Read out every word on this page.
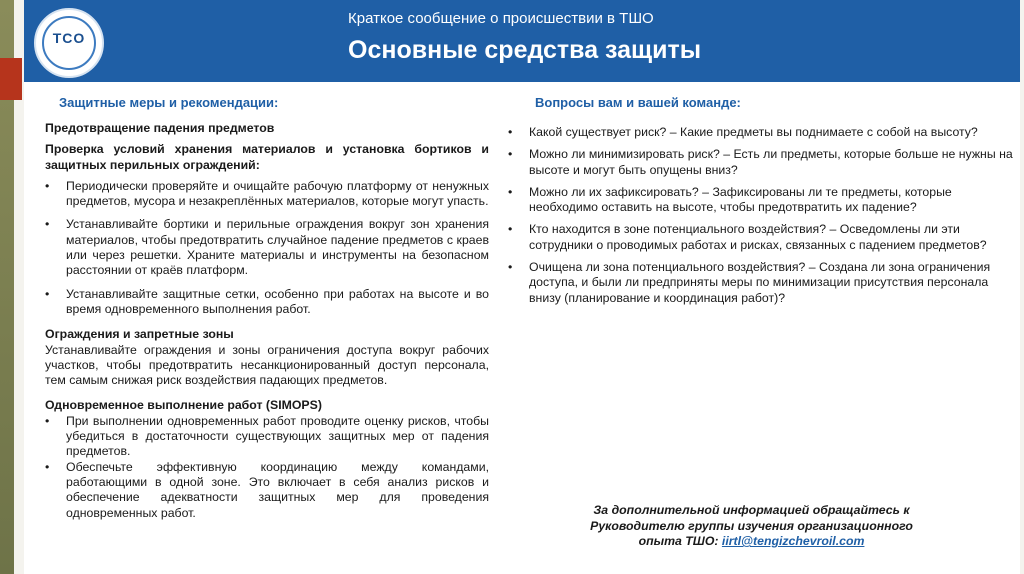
TCO
Краткое сообщение о происшествии в ТШО
Основные средства защиты
Защитные меры и рекомендации:	Вопросы вам и вашей команде:

Предотвращение падения предметов

Проверка условий хранения материалов и установка бортиков и защитных перильных ограждений:

• Периодически проверяйте и очищайте рабочую платформу от ненужных предметов, мусора и незакреплённых материалов, которые могут упасть.
• Устанавливайте бортики и перильные ограждения вокруг зон хранения материалов, чтобы предотвратить случайное падение предметов с краев или через решетки. Храните материалы и инструменты на безопасном расстоянии от краёв платформ.
• Устанавливайте защитные сетки, особенно при работах на высоте и во время одновременного выполнения работ.

Ограждения и запретные зоны

Устанавливайте ограждения и зоны ограничения доступа вокруг рабочих участков, чтобы предотвратить несанкционированный доступ персонала, тем самым снижая риск воздействия падающих предметов.

Одновременное выполнение работ (SIMOPS)

• При выполнении одновременных работ проводите оценку рисков, чтобы убедиться в достаточности существующих защитных мер от падения предметов.
• Обеспечьте эффективную координацию между командами, работающими в одной зоне. Это включает в себя анализ рисков и обеспечение адекватности защитных мер для проведения одновременных работ.
• Какой существует риск? – Какие предметы вы поднимаете с собой на высоту?
• Можно ли минимизировать риск? – Есть ли предметы, которые больше не нужны на высоте и могут быть опущены вниз?
• Можно ли их зафиксировать? – Зафиксированы ли те предметы, которые необходимо оставить на высоте, чтобы предотвратить их падение?
• Кто находится в зоне потенциального воздействия? – Осведомлены ли эти сотрудники о проводимых работах и рисках, связанных с падением предметов?
• Очищена ли зона потенциального воздействия? – Создана ли зона ограничения доступа, и были ли предприняты меры по минимизации присутствия персонала внизу (планирование и координация работ)?
За дополнительной информацией обращайтесь к
Руководителю группы изучения организационного
опыта ТШО: iirtl@tengizchevroil.com
